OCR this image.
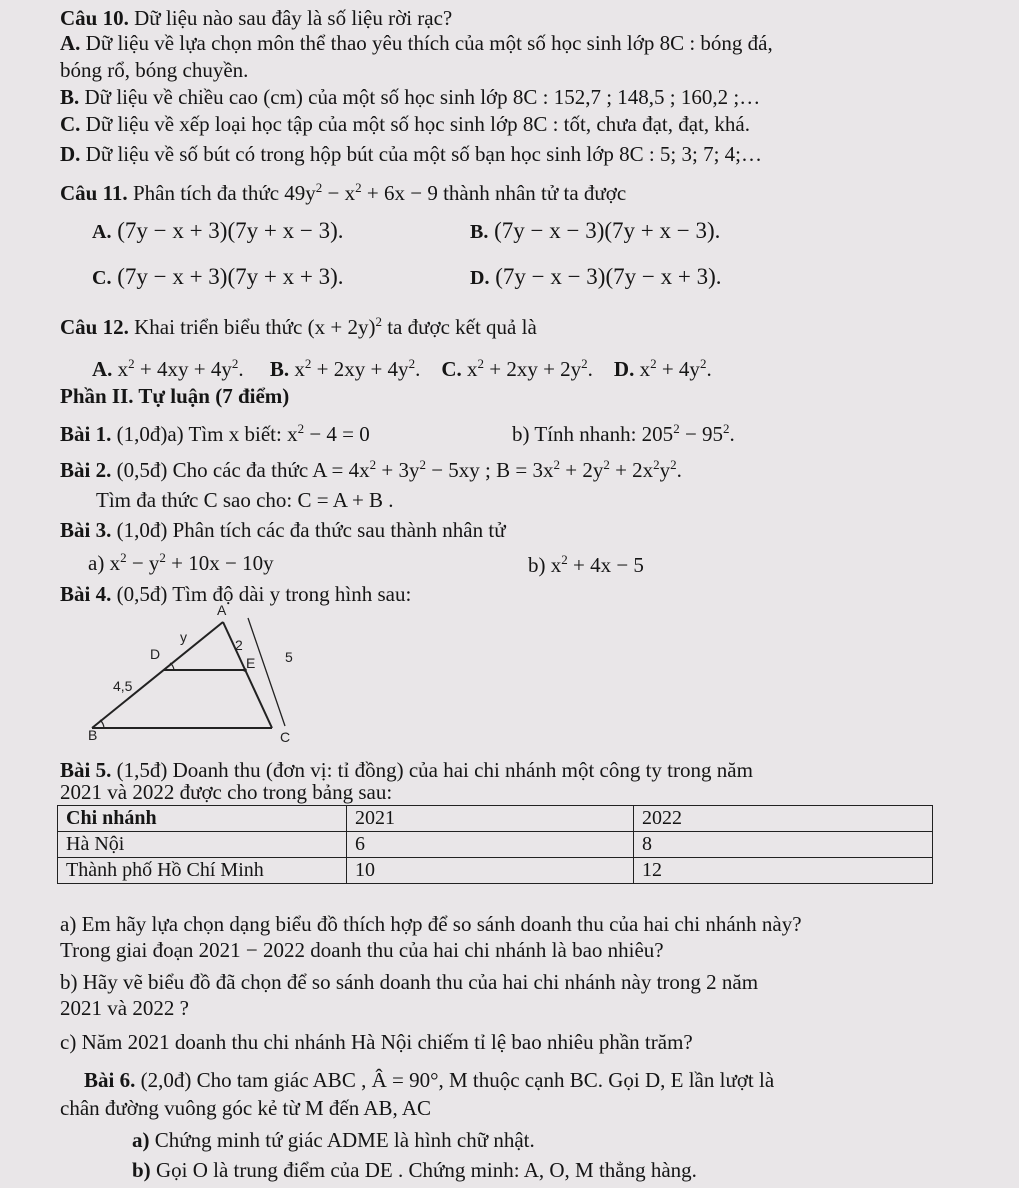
Câu 10. Dữ liệu nào sau đây là số liệu rời rạc?
A. Dữ liệu về lựa chọn môn thể thao yêu thích của một số học sinh lớp 8C : bóng đá,
bóng rổ, bóng chuyền.
B. Dữ liệu về chiều cao (cm) của một số học sinh lớp 8C : 152,7 ; 148,5 ; 160,2 ;…
C. Dữ liệu về xếp loại học tập của một số học sinh lớp 8C : tốt, chưa đạt, đạt, khá.
D. Dữ liệu về số bút có trong hộp bút của một số bạn học sinh lớp 8C : 5; 3; 7; 4;…
Câu 11. Phân tích đa thức $49y^2 - x^2 + 6x - 9$ thành nhân tử ta được
A. (7y − x + 3)(7y + x − 3).	B. (7y − x − 3)(7y + x − 3).
C. (7y − x + 3)(7y + x + 3).	D. (7y − x − 3)(7y − x + 3).
Câu 12. Khai triển biểu thức $(x + 2y)^2$ ta được kết quả là
A. $x^2 + 4xy + 4y^2$. B. $x^2 + 2xy + 4y^2$. C. $x^2 + 2xy + 2y^2$. D. $x^2 + 4y^2$.
Phần II. Tự luận (7 điểm)
Bài 1. (1,0đ)a) Tìm x biết: $x^2 - 4 = 0$	b) Tính nhanh: $205^2 - 95^2$.
Bài 2. (0,5đ) Cho các đa thức $A = 4x^2 + 3y^2 - 5xy$ ; $B = 3x^2 + 2y^2 + 2x^2y^2$.
Tìm đa thức C sao cho: C = A + B .
Bài 3. (1,0đ) Phân tích các đa thức sau thành nhân tử
a) $x^2 - y^2 + 10x - 10y$	b) $x^2 + 4x - 5$
Bài 4. (0,5đ) Tìm độ dài y trong hình sau:
A
y
D
2
E 5
4,5
B	C
Bài 5. (1,5đ) Doanh thu (đơn vị: tỉ đồng) của hai chi nhánh một công ty trong năm
2021 và 2022 được cho trong bảng sau:
Chi nhánh	2021	2022
Hà Nội	6	8
Thành phố Hồ Chí Minh	10	12
a) Em hãy lựa chọn dạng biểu đồ thích hợp để so sánh doanh thu của hai chi nhánh này?
Trong giai đoạn 2021 − 2022 doanh thu của hai chi nhánh là bao nhiêu?
b) Hãy vẽ biểu đồ đã chọn để so sánh doanh thu của hai chi nhánh này trong 2 năm
2021 và 2022 ?
c) Năm 2021 doanh thu chi nhánh Hà Nội chiếm tỉ lệ bao nhiêu phần trăm?
Bài 6. (2,0đ) Cho tam giác ABC , Â = 90°, M thuộc cạnh BC. Gọi D, E lần lượt là
chân đường vuông góc kẻ từ M đến AB, AC
a) Chứng minh tứ giác ADME là hình chữ nhật.
b) Gọi O là trung điểm của DE . Chứng minh: A, O, M thẳng hàng.
